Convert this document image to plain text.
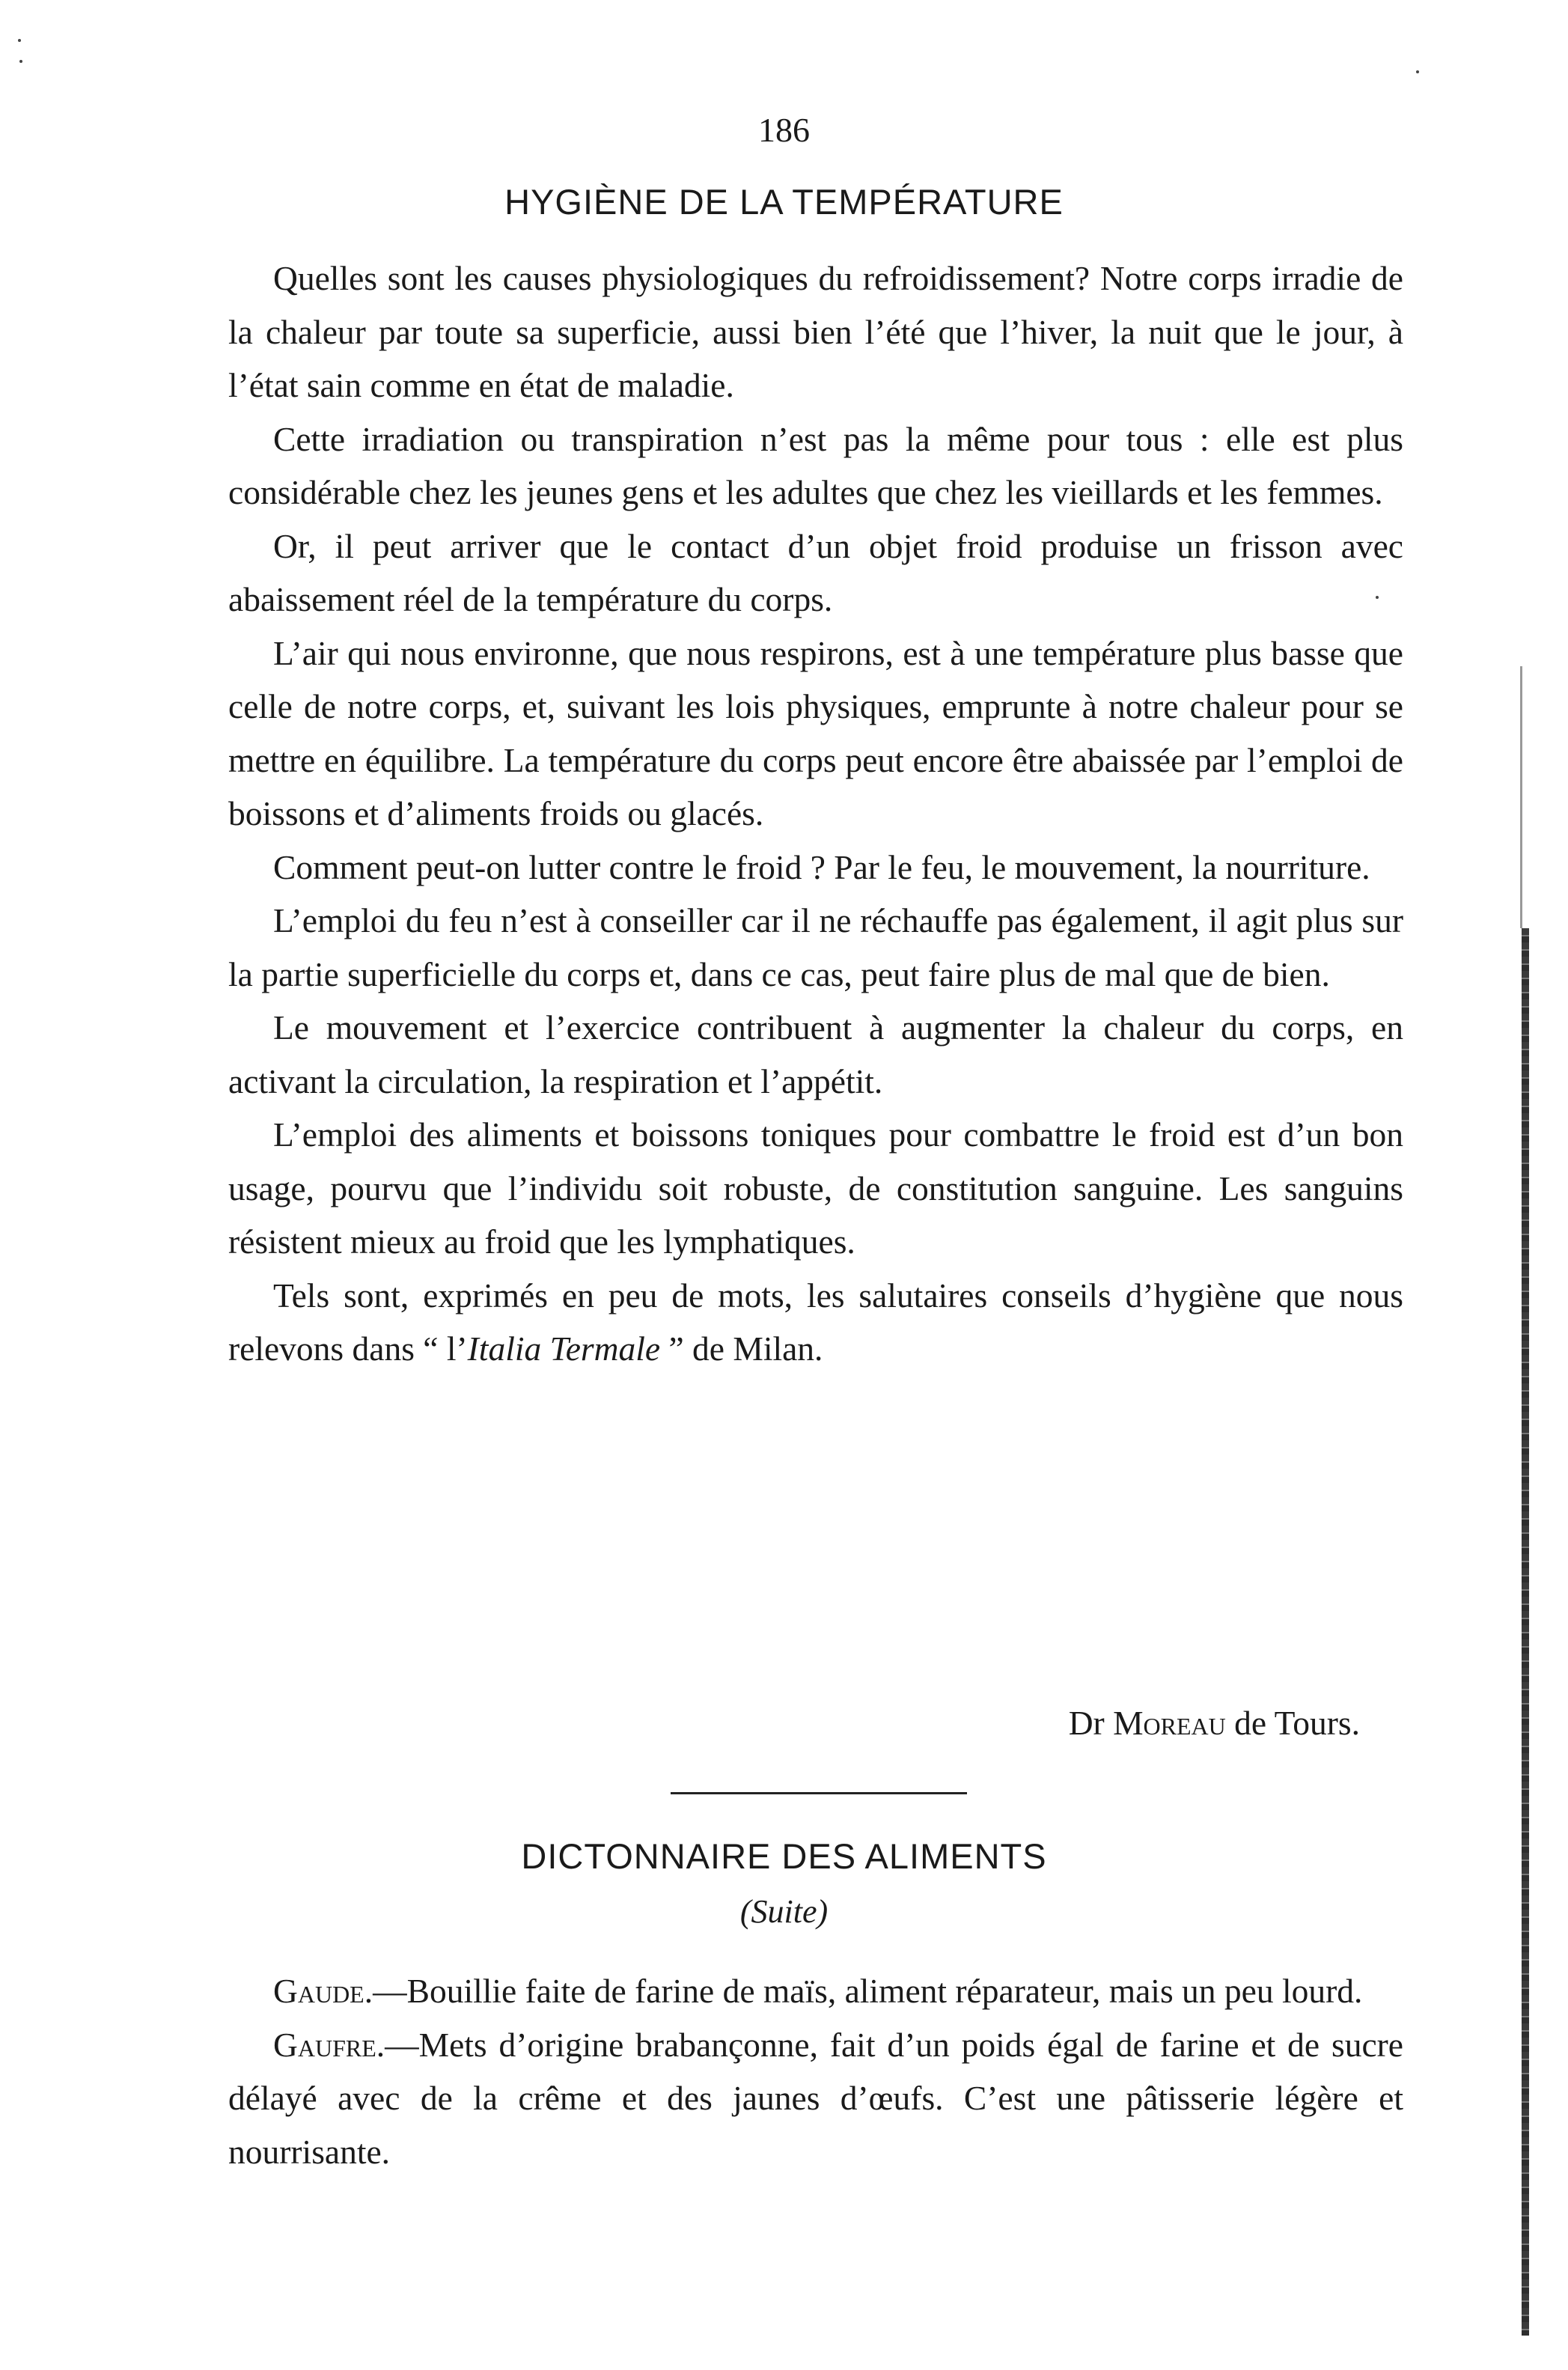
186
HYGIÈNE DE LA TEMPÉRATURE

Quelles sont les causes physiologiques du refroidissement? Notre corps irradie de la chaleur par toute sa superficie, aussi bien l’été que l’hiver, la nuit que le jour, à l’état sain comme en état de maladie.

Cette irradiation ou transpiration n’est pas la même pour tous : elle est plus considérable chez les jeunes gens et les adultes que chez les vieillards et les femmes.

Or, il peut arriver que le contact d’un objet froid produise un frisson avec abaissement réel de la température du corps.

L’air qui nous environne, que nous respirons, est à une température plus basse que celle de notre corps, et, suivant les lois physiques, emprunte à notre chaleur pour se mettre en équilibre. La température du corps peut encore être abaissée par l’emploi de boissons et d’aliments froids ou glacés.

Comment peut-on lutter contre le froid ? Par le feu, le mouvement, la nourriture.

L’emploi du feu n’est à conseiller car il ne réchauffe pas également, il agit plus sur la partie superficielle du corps et, dans ce cas, peut faire plus de mal que de bien.

Le mouvement et l’exercice contribuent à augmenter la chaleur du corps, en activant la circulation, la respiration et l’appétit.

L’emploi des aliments et boissons toniques pour combattre le froid est d’un bon usage, pourvu que l’individu soit robuste, de constitution sanguine. Les sanguins résistent mieux au froid que les lymphatiques.

Tels sont, exprimés en peu de mots, les salutaires conseils d’hygiène que nous relevons dans “ l’Italia Termale ” de Milan.

Dr Moreau de Tours.
DICTONNAIRE DES ALIMENTS
(Suite)

Gaude.—Bouillie faite de farine de maïs, aliment réparateur, mais un peu lourd.

Gaufre.—Mets d’origine brabançonne, fait d’un poids égal de farine et de sucre délayé avec de la crême et des jaunes d’œufs. C’est une pâtisserie légère et nourrisante.
